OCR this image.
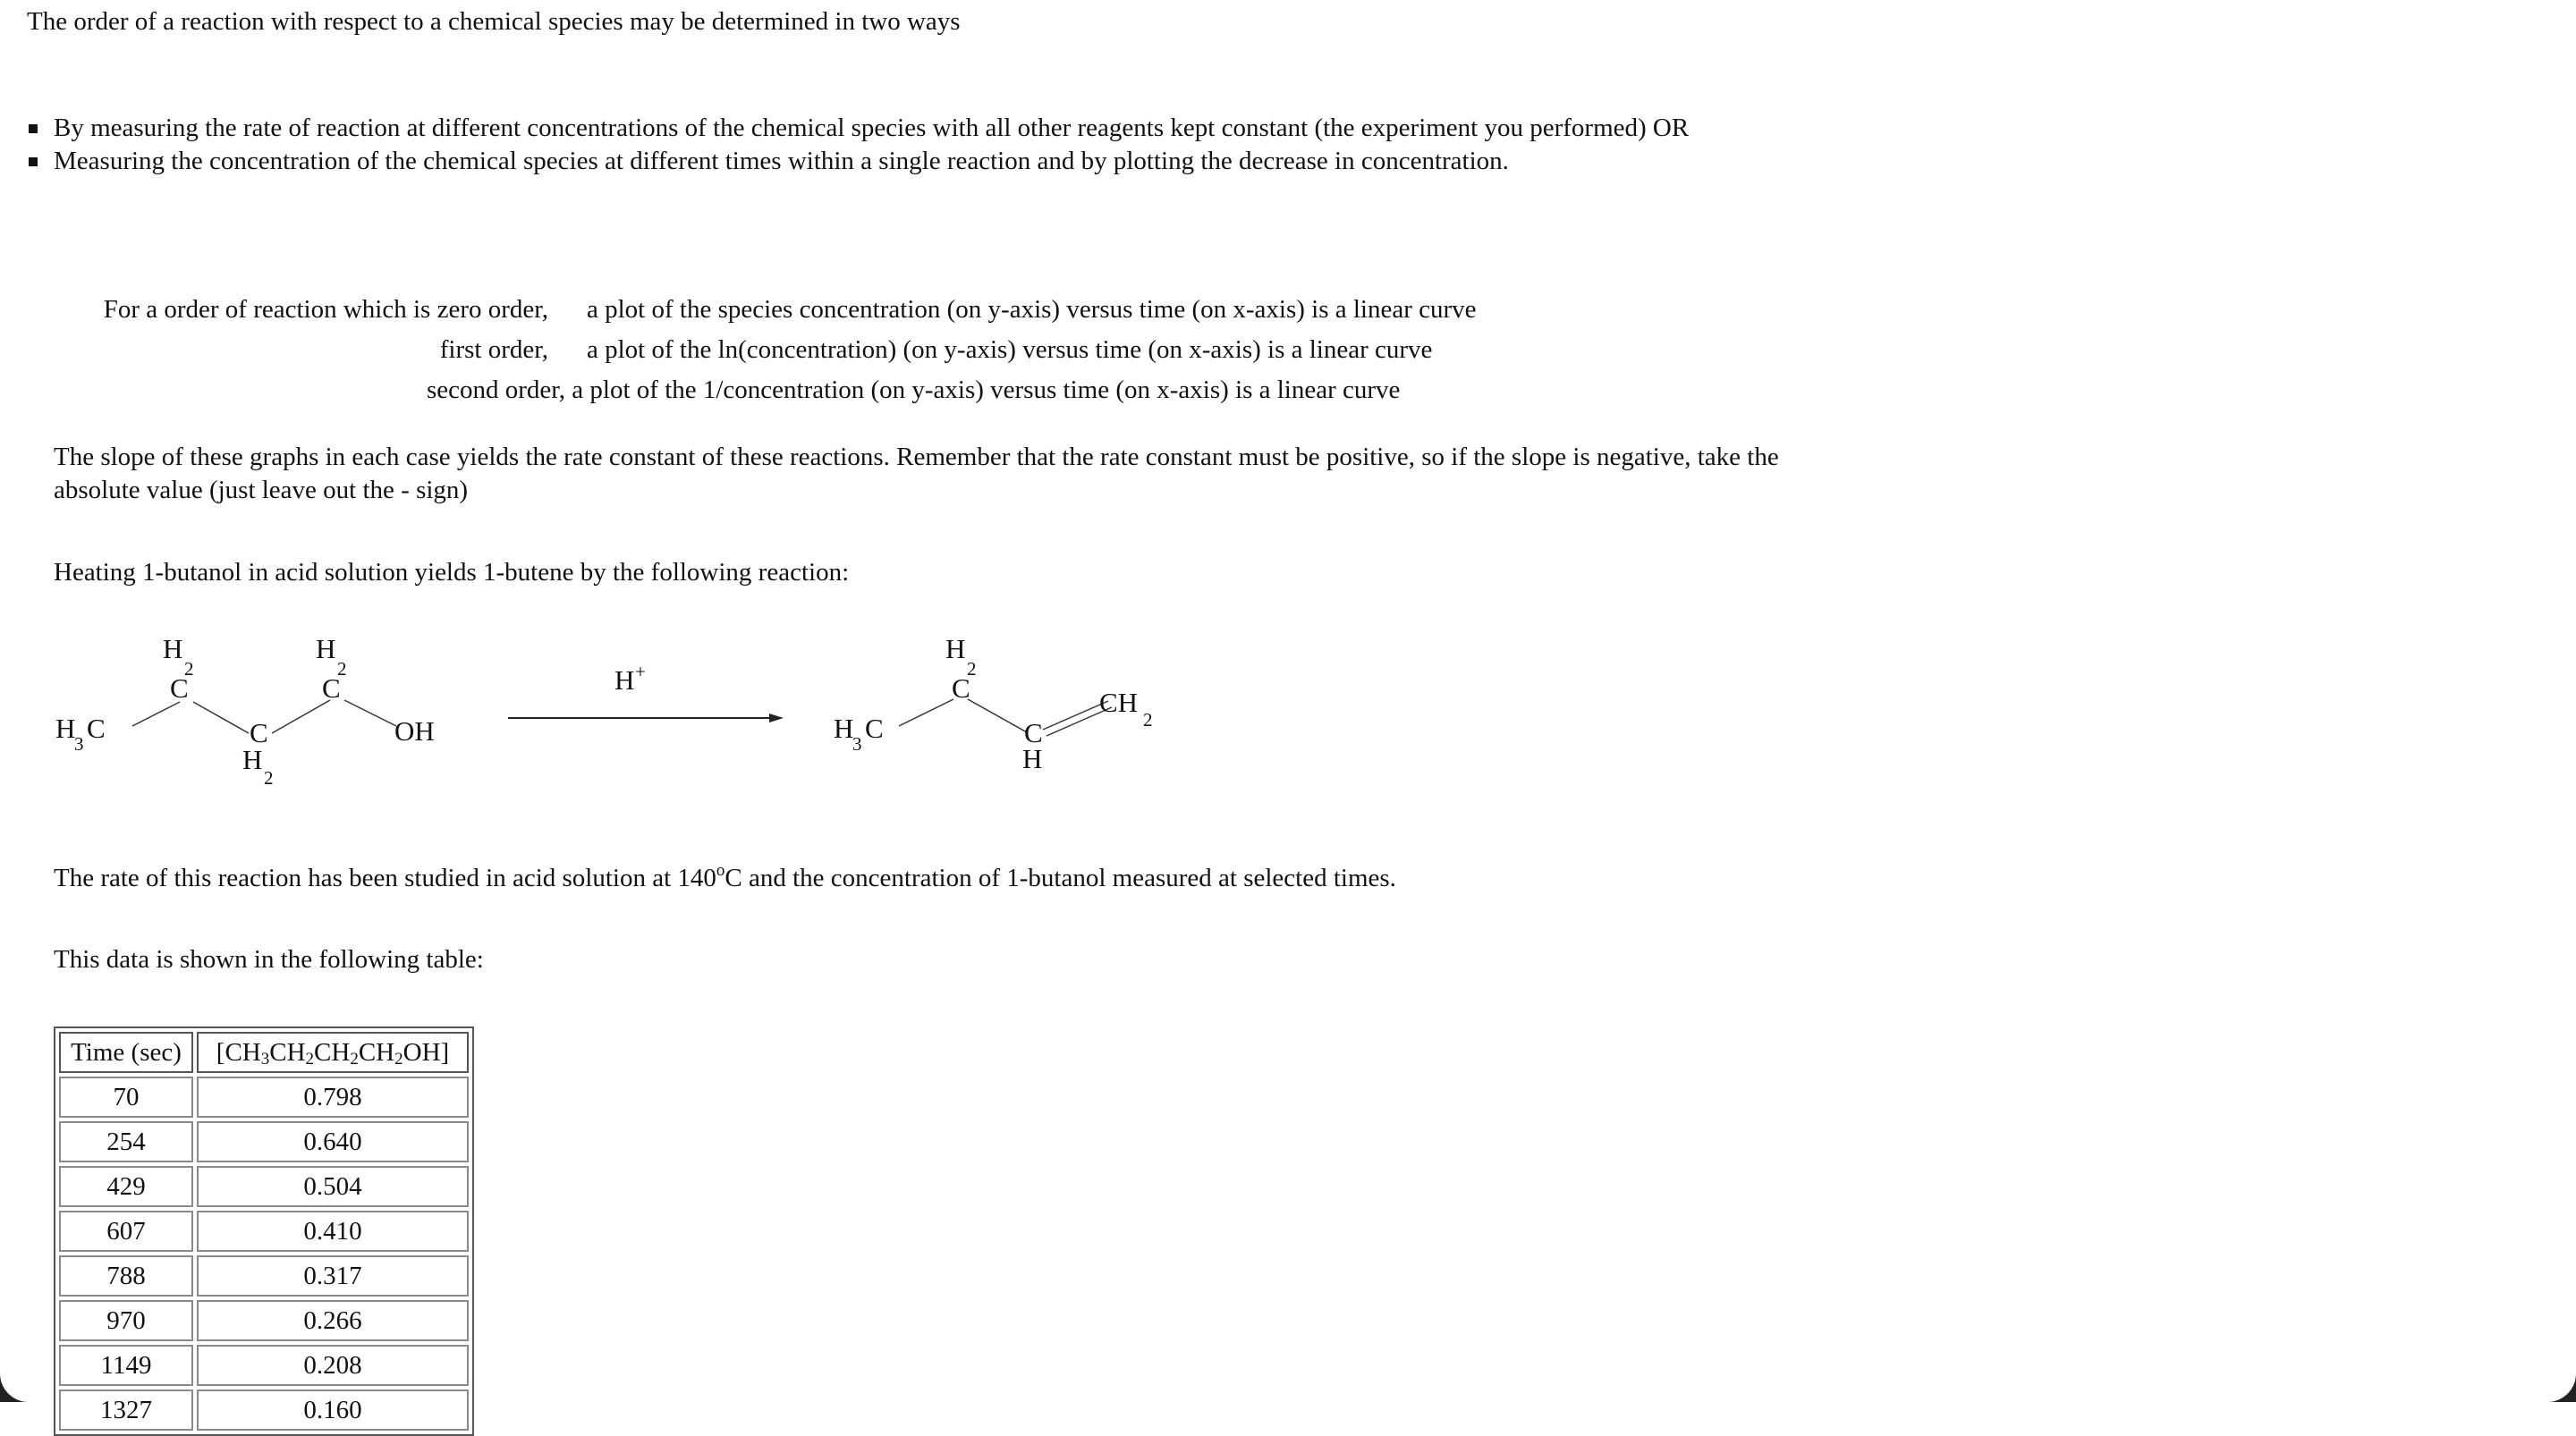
The order of a reaction with respect to a chemical species may be determined in two ways

By measuring the rate of reaction at different concentrations of the chemical species with all other reagents kept constant (the experiment you performed) OR
Measuring the concentration of the chemical species at different times within a single reaction and by plotting the decrease in concentration.
For a order of reaction which is zero order, a plot of the species concentration (on y-axis) versus time (on x-axis) is a linear curve
first order, a plot of the ln(concentration) (on y-axis) versus time (on x-axis) is a linear curve
second order, a plot of the 1/concentration (on y-axis) versus time (on x-axis) is a linear curve

The slope of these graphs in each case yields the rate constant of these reactions. Remember that the rate constant must be positive, so if the slope is negative, take the absolute value (just leave out the - sign)

Heating 1-butanol in acid solution yields 1-butene by the following reaction:

H
2
C
H
2
C
H
3 C	C
H
2
OH
H +
H
2
C
H
3 C	C
H
CH
2

The rate of this reaction has been studied in acid solution at 140$^o$C and the concentration of 1-butanol measured at selected times.

This data is shown in the following table:

Time (sec)	$[CH_3CH_2CH_2CH_2OH]$
70	0.798
254	0.640
429	0.504
607	0.410
788	0.317
970	0.266
1149	0.208
1327	0.160
